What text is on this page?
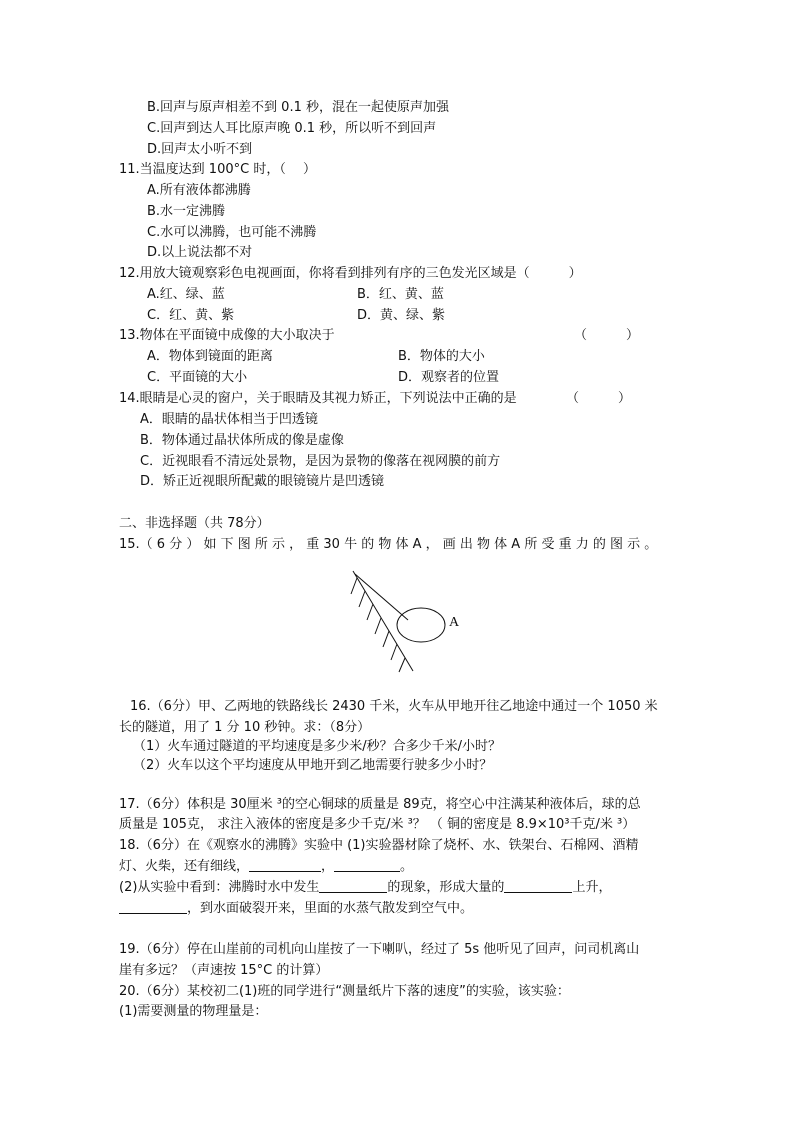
B.回声与原声相差不到 0.1 秒，混在一起使原声加强
C.回声到达人耳比原声晚 0.1 秒，所以听不到回声
D.回声太小听不到
11.当温度达到 100°C 时，（　 ）
A.所有液体都沸腾
B.水一定沸腾
C.水可以沸腾，也可能不沸腾
D.以上说法都不对
12.用放大镜观察彩色电视画面，你将看到排列有序的三色发光区域是（　　　）
A.红、绿、蓝	B．红、黄、蓝
C．红、黄、紫	D．黄、绿、紫
13.物体在平面镜中成像的大小取决于	（　　　）
A．物体到镜面的距离	B．物体的大小
C．平面镜的大小	D．观察者的位置
14.眼睛是心灵的窗户，关于眼睛及其视力矫正，下列说法中正确的是	（　　　）
A．眼睛的晶状体相当于凹透镜
B．物体通过晶状体所成的像是虚像
C．近视眼看不清远处景物，是因为景物的像落在视网膜的前方
D．矫正近视眼所配戴的眼镜镜片是凹透镜
二、非选择题（共 78分）
15.（ 6 分 ） 如 下 图 所 示 ， 重 30 牛 的 物 体 A ， 画 出 物 体 A 所 受 重 力 的 图 示 。
A
16.（6分）甲、乙两地的铁路线长 2430 千米，火车从甲地开往乙地途中通过一个 1050 米
长的隧道，用了 1 分 10 秒钟。求：（8分）
（1）火车通过隧道的平均速度是多少米/秒？合多少千米/小时？
（2）火车以这个平均速度从甲地开到乙地需要行驶多少小时？
17.（6分）体积是 30厘米 ³的空心铜球的质量是 89克，将空心中注满某种液体后，球的总
质量是 105克， 求注入液体的密度是多少千克/米 ³？ （ 铜的密度是 8.9×10³千克/米 ³）
18.（6分）在《观察水的沸腾》实验中 (1)实验器材除了烧杯、水、铁架台、石棉网、酒精
灯、火柴，还有细线，	，	。
(2)从实验中看到：沸腾时水中发生	的现象，形成大量的	上升，
，到水面破裂开来，里面的水蒸气散发到空气中。
19.（6分）停在山崖前的司机向山崖按了一下喇叭，经过了 5s 他听见了回声，问司机离山
崖有多远？（声速按 15°C 的计算）
20.（6分）某校初二(1)班的同学进行“测量纸片下落的速度”的实验，该实验：
(1)需要测量的物理量是：
